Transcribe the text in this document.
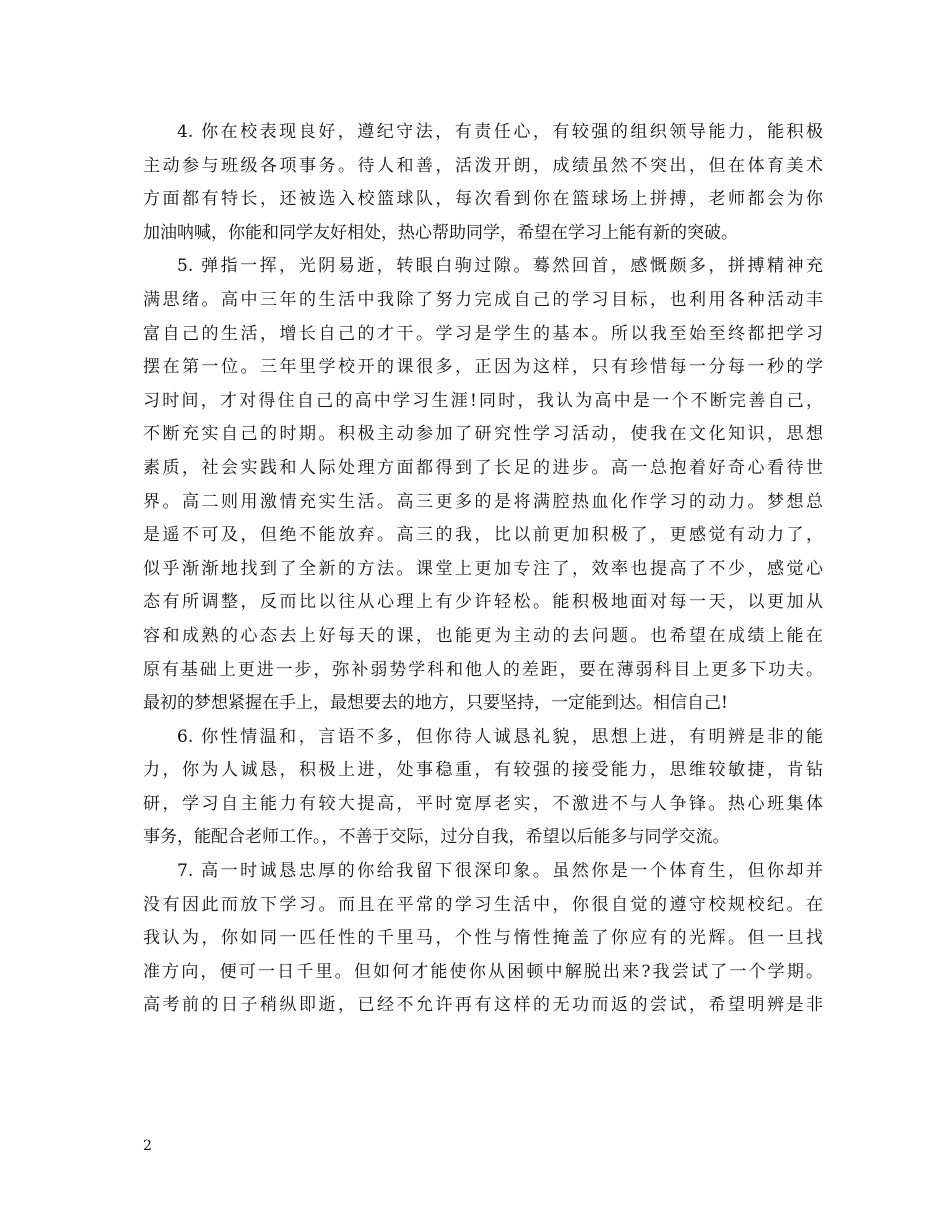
4. 你在校表现良好，遵纪守法，有责任心，有较强的组织领导能力，能积极
主动参与班级各项事务。待人和善，活泼开朗，成绩虽然不突出，但在体育美术
方面都有特长，还被选入校篮球队，每次看到你在篮球场上拼搏，老师都会为你
加油呐喊，你能和同学友好相处，热心帮助同学，希望在学习上能有新的突破。
5. 弹指一挥，光阴易逝，转眼白驹过隙。蓦然回首，感慨颇多，拼搏精神充
满思绪。高中三年的生活中我除了努力完成自己的学习目标，也利用各种活动丰
富自己的生活，增长自己的才干。学习是学生的基本。所以我至始至终都把学习
摆在第一位。三年里学校开的课很多，正因为这样，只有珍惜每一分每一秒的学
习时间，才对得住自己的高中学习生涯!同时，我认为高中是一个不断完善自己，
不断充实自己的时期。积极主动参加了研究性学习活动，使我在文化知识，思想
素质，社会实践和人际处理方面都得到了长足的进步。高一总抱着好奇心看待世
界。高二则用激情充实生活。高三更多的是将满腔热血化作学习的动力。梦想总
是遥不可及，但绝不能放弃。高三的我，比以前更加积极了，更感觉有动力了，
似乎渐渐地找到了全新的方法。课堂上更加专注了，效率也提高了不少，感觉心
态有所调整，反而比以往从心理上有少许轻松。能积极地面对每一天，以更加从
容和成熟的心态去上好每天的课，也能更为主动的去问题。也希望在成绩上能在
原有基础上更进一步，弥补弱势学科和他人的差距，要在薄弱科目上更多下功夫。
最初的梦想紧握在手上，最想要去的地方，只要坚持，一定能到达。相信自己!
6. 你性情温和，言语不多，但你待人诚恳礼貌，思想上进，有明辨是非的能
力，你为人诚恳，积极上进，处事稳重，有较强的接受能力，思维较敏捷，肯钻
研，学习自主能力有较大提高，平时宽厚老实，不激进不与人争锋。热心班集体
事务，能配合老师工作。，不善于交际，过分自我，希望以后能多与同学交流。
7. 高一时诚恳忠厚的你给我留下很深印象。虽然你是一个体育生，但你却并
没有因此而放下学习。而且在平常的学习生活中，你很自觉的遵守校规校纪。在
我认为，你如同一匹任性的千里马，个性与惰性掩盖了你应有的光辉。但一旦找
准方向，便可一日千里。但如何才能使你从困顿中解脱出来?我尝试了一个学期。
高考前的日子稍纵即逝，已经不允许再有这样的无功而返的尝试，希望明辨是非
2
